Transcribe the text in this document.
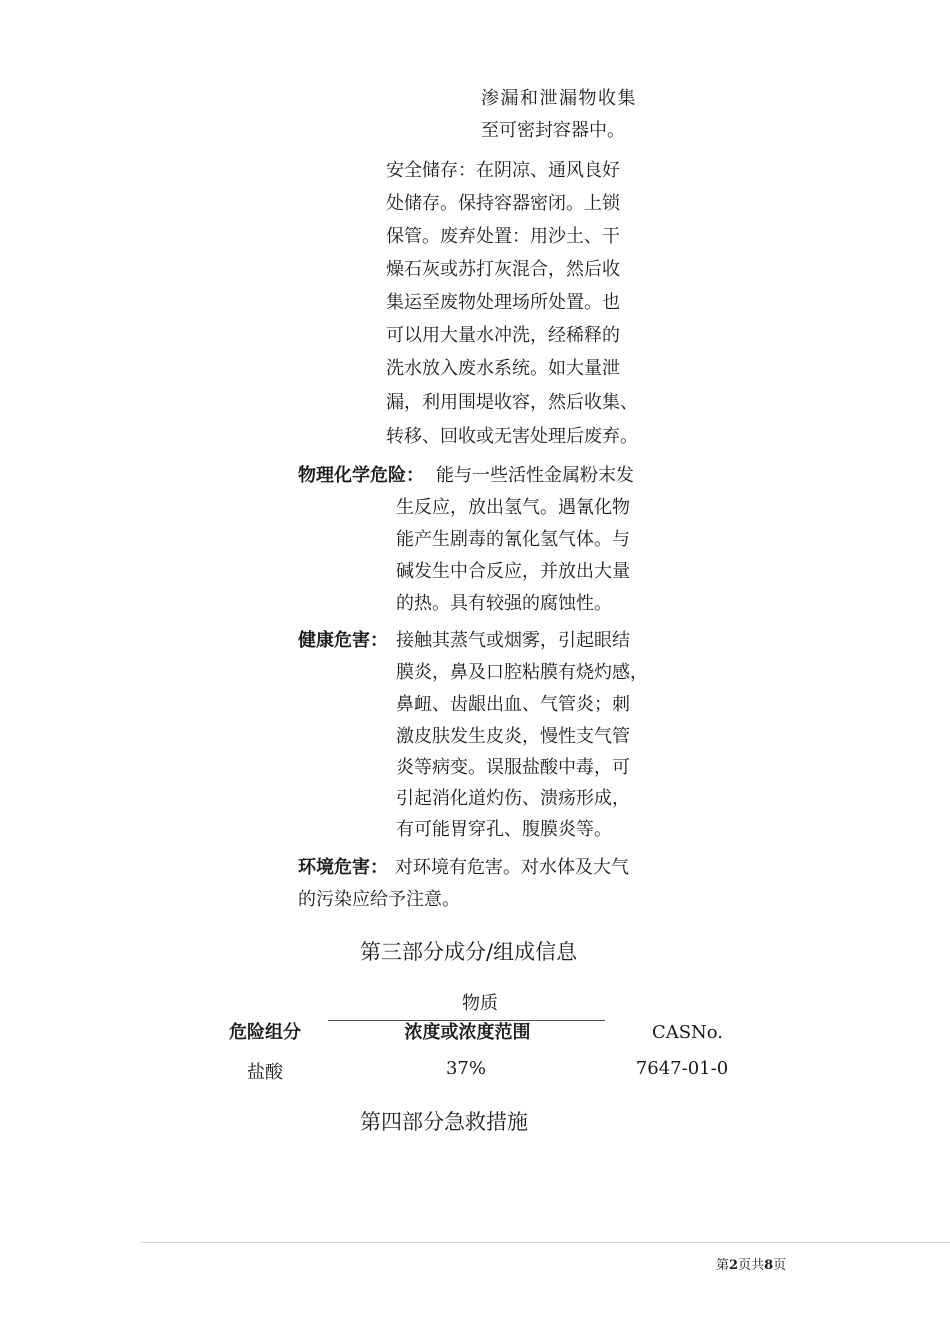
渗漏和泄漏物收集
至可密封容器中。
安全储存：在阴凉、通风良好
处储存。保持容器密闭。上锁
保管。废弃处置：用沙土、干
燥石灰或苏打灰混合，然后收
集运至废物处理场所处置。也
可以用大量水冲洗，经稀释的
洗水放入废水系统。如大量泄
漏，利用围堤收容，然后收集、
转移、回收或无害处理后废弃。
物理化学危险： 能与一些活性金属粉末发
生反应，放出氢气。遇氰化物
能产生剧毒的氰化氢气体。与
碱发生中合反应，并放出大量
的热。具有较强的腐蚀性。
健康危害： 接触其蒸气或烟雾，引起眼结
膜炎，鼻及口腔粘膜有烧灼感，
鼻衄、齿龈出血、气管炎；刺
激皮肤发生皮炎，慢性支气管
炎等病变。误服盐酸中毒，可
引起消化道灼伤、溃疡形成，
有可能胃穿孔、腹膜炎等。
环境危害： 对环境有危害。对水体及大气
的污染应给予注意。
第三部分成分/组成信息
物质
危险组分	浓度或浓度范围	CASNo.
盐酸	37%	7647-01-0
第四部分急救措施
第2页共8页
